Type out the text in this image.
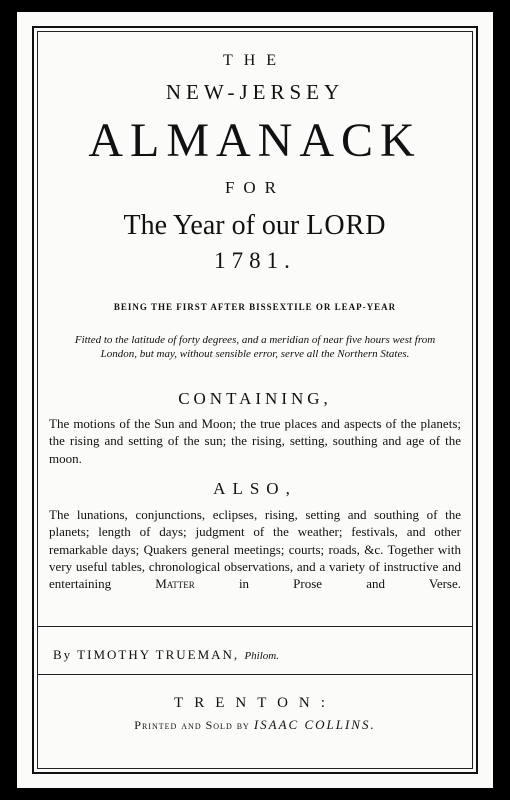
THE
NEW-JERSEY
ALMANACK
FOR
The Year of our LORD
1781.
BEING THE FIRST AFTER BISSEXTILE OR LEAP-YEAR
Fitted to the latitude of forty degrees, and a meridian of near five hours west from London, but may, without sensible error, serve all the Northern States.
CONTAINING,
The motions of the Sun and Moon; the true places and aspects of the planets; the rising and setting of the sun; the rising, setting, southing and age of the moon.
ALSO,
The lunations, conjunctions, eclipses, rising, setting and southing of the planets; length of days; judgment of the weather; festivals, and other remarkable days; Quakers general meetings; courts; roads, &c. Together with very useful tables, chronological observations, and a variety of instructive and entertaining	Matter	in Prose and Verse.
By TIMOTHY TRUEMAN, Philom.
TRENTON:
Printed and Sold by ISAAC COLLINS.
